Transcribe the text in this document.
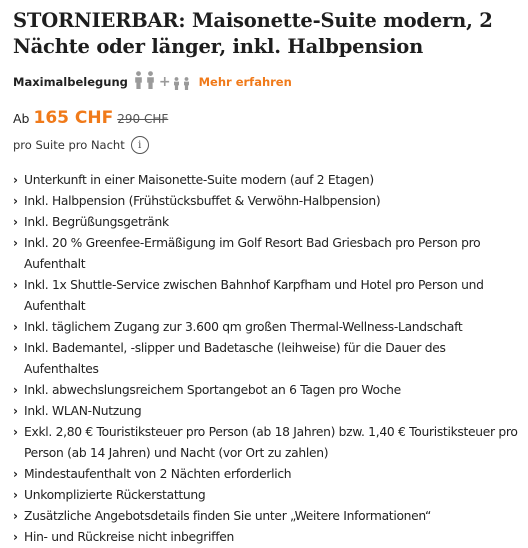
STORNIERBAR: Maisonette-Suite modern, 2 Nächte oder länger, inkl. Halbpension
Maximalbelegung + Mehr erfahren
Ab 165 CHF 290 CHF
pro Suite pro Nacht	i
› Unterkunft in einer Maisonette-Suite modern (auf 2 Etagen)
› Inkl. Halbpension (Frühstücksbuffet & Verwöhn-Halbpension)
› Inkl. Begrüßungsgetränk
› Inkl. 20 % Greenfee-Ermäßigung im Golf Resort Bad Griesbach pro Person pro Aufenthalt
› Inkl. 1x Shuttle-Service zwischen Bahnhof Karpfham und Hotel pro Person und Aufenthalt
› Inkl. täglichem Zugang zur 3.600 qm großen Thermal-Wellness-Landschaft
› Inkl. Bademantel, -slipper und Badetasche (leihweise) für die Dauer des Aufenthaltes
› Inkl. abwechslungsreichem Sportangebot an 6 Tagen pro Woche
› Inkl. WLAN-Nutzung
› Exkl. 2,80 € Touristiksteuer pro Person (ab 18 Jahren) bzw. 1,40 € Touristiksteuer pro Person (ab 14 Jahren) und Nacht (vor Ort zu zahlen)
› Mindestaufenthalt von 2 Nächten erforderlich
› Unkomplizierte Rückerstattung
› Zusätzliche Angebotsdetails finden Sie unter „Weitere Informationen“
› Hin- und Rückreise nicht inbegriffen
